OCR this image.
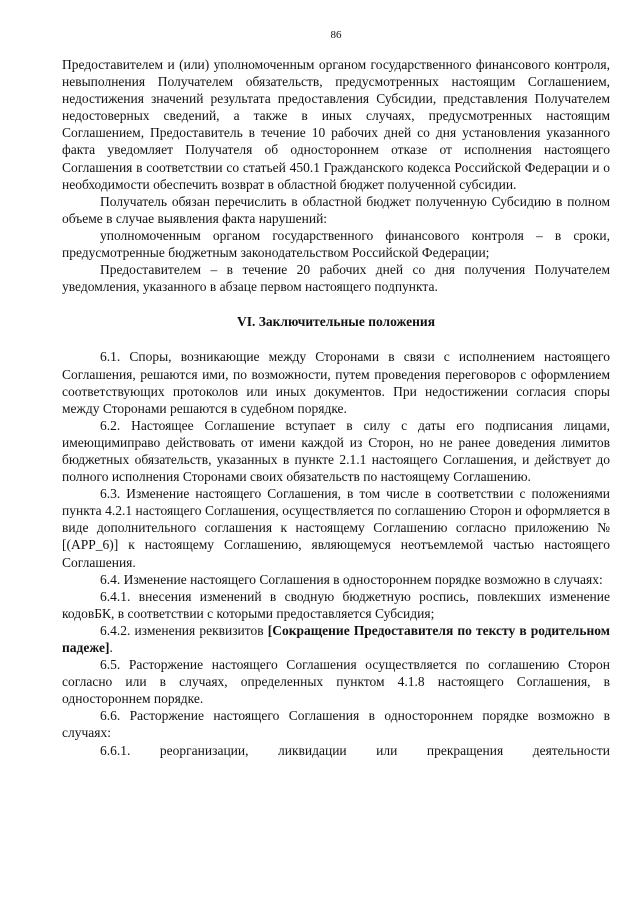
86

Предоставителем и (или) уполномоченным органом государственного финансового контроля, невыполнения Получателем обязательств, предусмотренных настоящим Соглашением, недостижения значений результата предоставления Субсидии, представления Получателем недостоверных сведений, а также в иных случаях, предусмотренных настоящим Соглашением, Предоставитель в течение 10 рабочих дней со дня установления указанного факта уведомляет Получателя об одностороннем отказе от исполнения настоящего Соглашения в соответствии со статьей 450.1 Гражданского кодекса Российской Федерации и о необходимости обеспечить возврат в областной бюджет полученной субсидии.

Получатель обязан перечислить в областной бюджет полученную Субсидию в полном объеме в случае выявления факта нарушений:

уполномоченным органом государственного финансового контроля – в сроки, предусмотренные бюджетным законодательством Российской Федерации;

Предоставителем – в течение 20 рабочих дней со дня получения Получателем уведомления, указанного в абзаце первом настоящего подпункта.

VI. Заключительные положения

6.1. Споры, возникающие между Сторонами в связи с исполнением настоящего Соглашения, решаются ими, по возможности, путем проведения переговоров с оформлением соответствующих протоколов или иных документов. При недостижении согласия споры между Сторонами решаются в судебном порядке.

6.2. Настоящее Соглашение вступает в силу с даты его подписания лицами, имеющимиправо действовать от имени каждой из Сторон, но не ранее доведения лимитов бюджетных обязательств, указанных в пункте 2.1.1 настоящего Соглашения, и действует до полного исполнения Сторонами своих обязательств по настоящему Соглашению.

6.3. Изменение настоящего Соглашения, в том числе в соответствии с положениями пункта 4.2.1 настоящего Соглашения, осуществляется по соглашению Сторон и оформляется в виде дополнительного соглашения к настоящему Соглашению согласно приложению № [(APP_6)] к настоящему Соглашению, являющемуся неотъемлемой частью настоящего Соглашения.

6.4. Изменение настоящего Соглашения в одностороннем порядке возможно в случаях:

6.4.1. внесения изменений в сводную бюджетную роспись, повлекших изменение кодовБК, в соответствии с которыми предоставляется Субсидия;

6.4.2. изменения реквизитов [Сокращение Предоставителя по тексту в родительном падеже].

6.5. Расторжение настоящего Соглашения осуществляется по соглашению Сторон согласно или в случаях, определенных пунктом 4.1.8 настоящего Соглашения, в одностороннем порядке.

6.6. Расторжение настоящего Соглашения в одностороннем порядке возможно в случаях:

6.6.1. реорганизации, ликвидации или прекращения деятельности
